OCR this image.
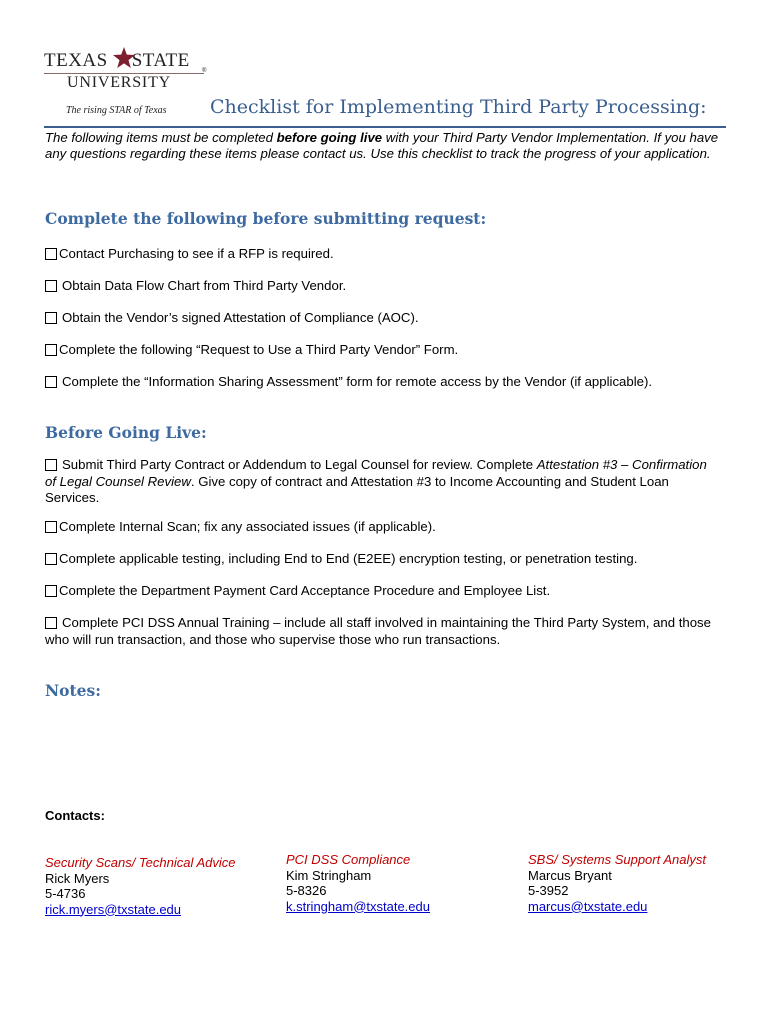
TEXAS STATE
UNIVERSITY
®
The rising STAR of Texas Checklist for Implementing Third Party Processing:
The following items must be completed before going live with your Third Party Vendor Implementation. If you have any questions regarding these items please contact us. Use this checklist to track the progress of your application.
Complete the following before submitting request:
Contact Purchasing to see if a RFP is required.
Obtain Data Flow Chart from Third Party Vendor.
Obtain the Vendor’s signed Attestation of Compliance (AOC).
Complete the following “Request to Use a Third Party Vendor” Form.
Complete the “Information Sharing Assessment” form for remote access by the Vendor (if applicable).
Before Going Live:
Submit Third Party Contract or Addendum to Legal Counsel for review. Complete Attestation #3 – Confirmation of Legal Counsel Review. Give copy of contract and Attestation #3 to Income Accounting and Student Loan Services.
Complete Internal Scan; fix any associated issues (if applicable).
Complete applicable testing, including End to End (E2EE) encryption testing, or penetration testing.
Complete the Department Payment Card Acceptance Procedure and Employee List.
Complete PCI DSS Annual Training – include all staff involved in maintaining the Third Party System, and those who will run transaction, and those who supervise those who run transactions.
Notes:
Contacts:
Security Scans/ Technical Advice
Rick Myers
5-4736
rick.myers@txstate.edu
PCI DSS Compliance
Kim Stringham
5-8326
k.stringham@txstate.edu
SBS/ Systems Support Analyst
Marcus Bryant
5-3952
marcus@txstate.edu
